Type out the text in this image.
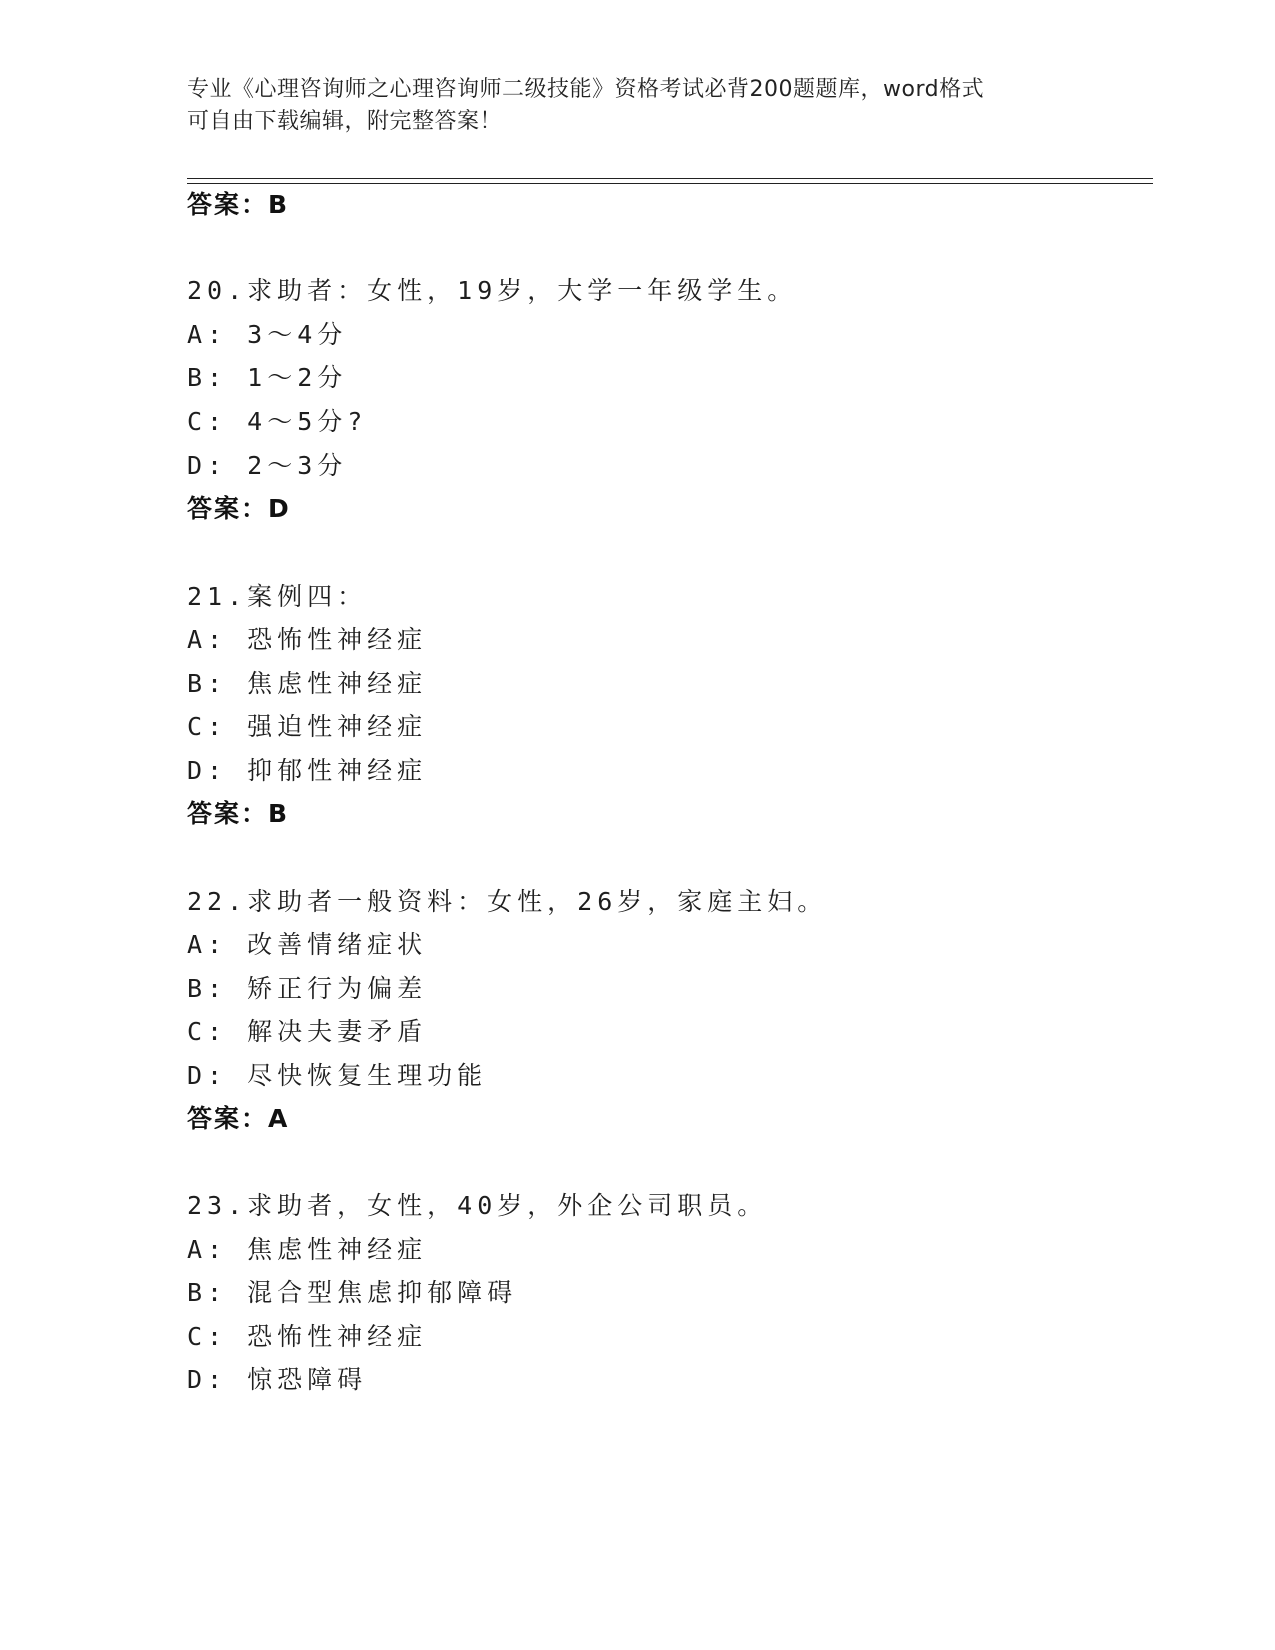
专业《心理咨询师之心理咨询师二级技能》资格考试必背200题题库，word格式
可自由下载编辑，附完整答案！
答案：B
20.求助者：女性，19岁，大学一年级学生。
A: 3～4分
B: 1～2分
C: 4～5分?
D: 2～3分
答案：D
21.案例四：
A: 恐怖性神经症
B: 焦虑性神经症
C: 强迫性神经症
D: 抑郁性神经症
答案：B
22.求助者一般资料：女性，26岁，家庭主妇。
A: 改善情绪症状
B: 矫正行为偏差
C: 解决夫妻矛盾
D: 尽快恢复生理功能
答案：A
23.求助者，女性，40岁，外企公司职员。
A: 焦虑性神经症
B: 混合型焦虑抑郁障碍
C: 恐怖性神经症
D: 惊恐障碍
